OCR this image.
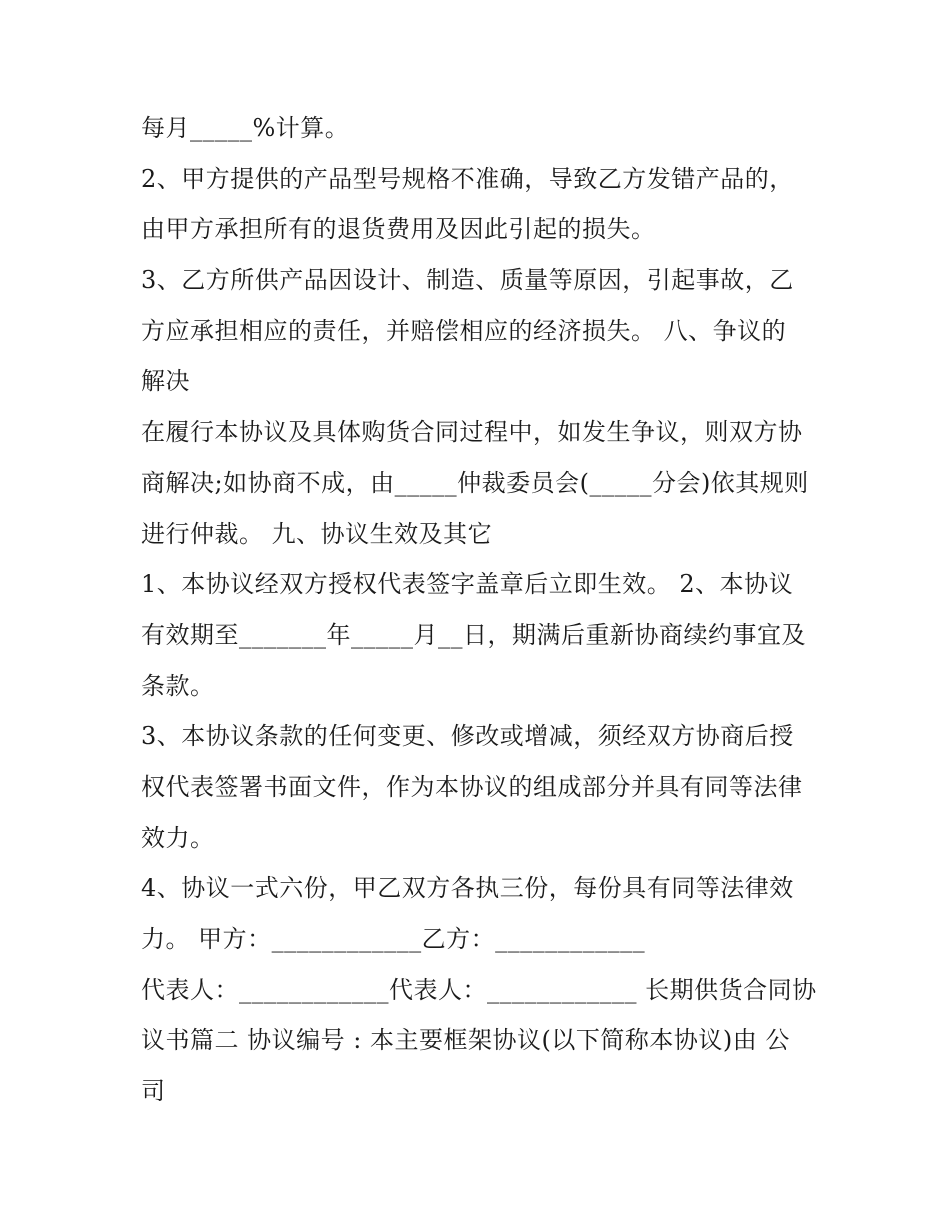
每月_____%计算。
2、甲方提供的产品型号规格不准确，导致乙方发错产品的，
由甲方承担所有的退货费用及因此引起的损失。
3、乙方所供产品因设计、制造、质量等原因，引起事故，乙
方应承担相应的责任，并赔偿相应的经济损失。 八、争议的
解决
在履行本协议及具体购货合同过程中，如发生争议，则双方协
商解决;如协商不成，由_____仲裁委员会(_____分会)依其规则
进行仲裁。 九、协议生效及其它
1、本协议经双方授权代表签字盖章后立即生效。 2、本协议
有效期至_______年_____月__日，期满后重新协商续约事宜及
条款。
3、本协议条款的任何变更、修改或增减，须经双方协商后授
权代表签署书面文件，作为本协议的组成部分并具有同等法律
效力。
4、协议一式六份，甲乙双方各执三份，每份具有同等法律效
力。 甲方：____________乙方：____________
代表人：____________代表人：____________ 长期供货合同协
议书篇二 协议编号 : 本主要框架协议(以下简称本协议)由 公
司
